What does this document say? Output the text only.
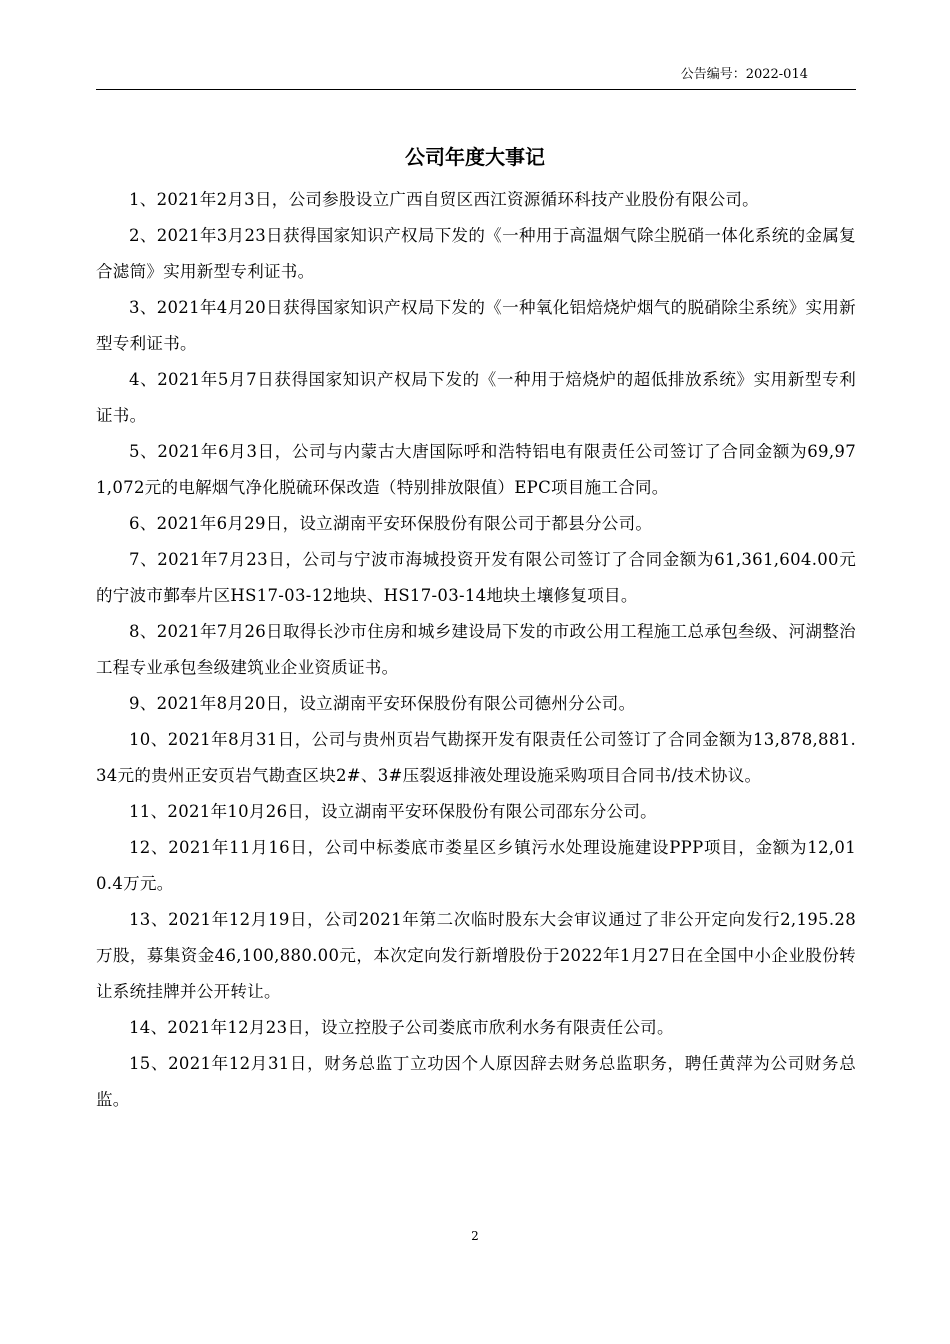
公告编号：2022-014
公司年度大事记

1、2021年2月3日，公司参股设立广西自贸区西江资源循环科技产业股份有限公司。

2、2021年3月23日获得国家知识产权局下发的《一种用于高温烟气除尘脱硝一体化系统的金属复合滤筒》实用新型专利证书。

3、2021年4月20日获得国家知识产权局下发的《一种氧化铝焙烧炉烟气的脱硝除尘系统》实用新型专利证书。

4、2021年5月7日获得国家知识产权局下发的《一种用于焙烧炉的超低排放系统》实用新型专利证书。

5、2021年6月3日，公司与内蒙古大唐国际呼和浩特铝电有限责任公司签订了合同金额为69,971,072元的电解烟气净化脱硫环保改造（特别排放限值）EPC项目施工合同。

6、2021年6月29日，设立湖南平安环保股份有限公司于都县分公司。

7、2021年7月23日，公司与宁波市海城投资开发有限公司签订了合同金额为61,361,604.00元的宁波市鄞奉片区HS17-03-12地块、HS17-03-14地块土壤修复项目。

8、2021年7月26日取得长沙市住房和城乡建设局下发的市政公用工程施工总承包叁级、河湖整治工程专业承包叁级建筑业企业资质证书。

9、2021年8月20日，设立湖南平安环保股份有限公司德州分公司。

10、2021年8月31日，公司与贵州页岩气勘探开发有限责任公司签订了合同金额为13,878,881.34元的贵州正安页岩气勘查区块2#、3#压裂返排液处理设施采购项目合同书/技术协议。

11、2021年10月26日，设立湖南平安环保股份有限公司邵东分公司。

12、2021年11月16日，公司中标娄底市娄星区乡镇污水处理设施建设PPP项目，金额为12,010.4万元。

13、2021年12月19日，公司2021年第二次临时股东大会审议通过了非公开定向发行2,195.28万股，募集资金46,100,880.00元，本次定向发行新增股份于2022年1月27日在全国中小企业股份转让系统挂牌并公开转让。

14、2021年12月23日，设立控股子公司娄底市欣利水务有限责任公司。

15、2021年12月31日，财务总监丁立功因个人原因辞去财务总监职务，聘任黄萍为公司财务总监。

2
